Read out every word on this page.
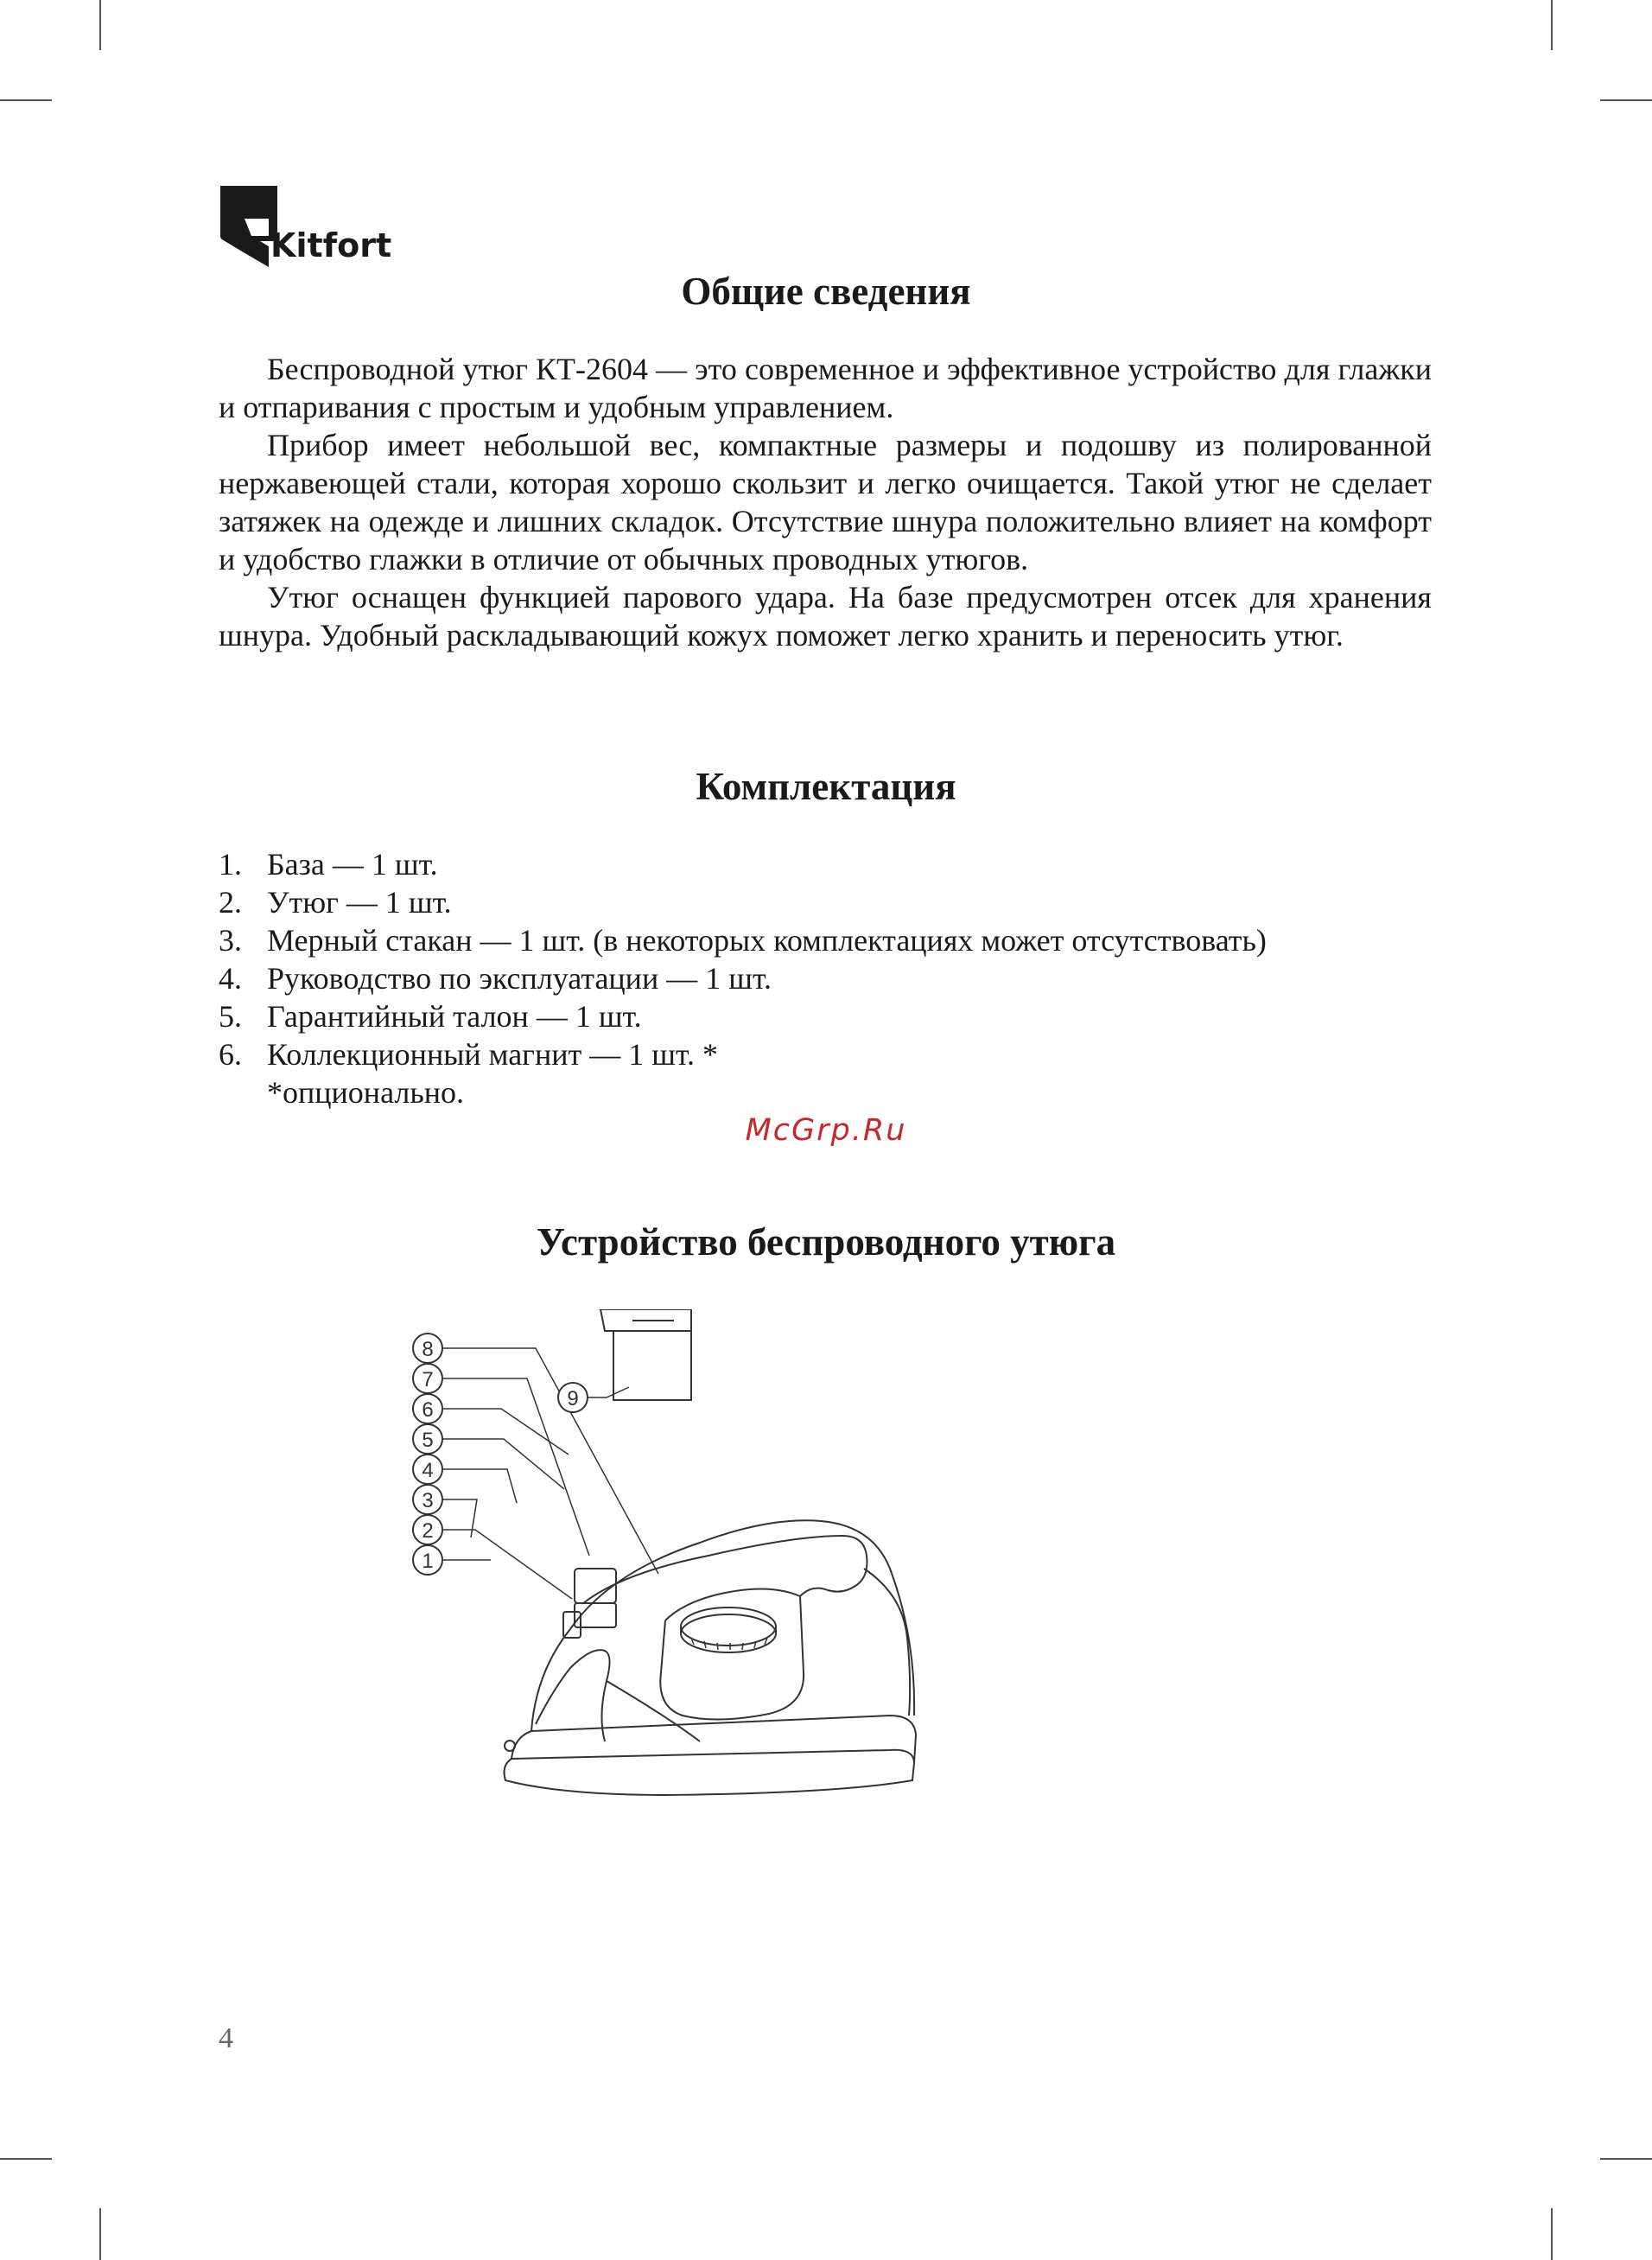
Kitfort
Общие сведения

Беспроводной утюг КТ-2604 — это современное и эффективное устройство для глажки и отпаривания с простым и удобным управлением.

Прибор имеет небольшой вес, компактные размеры и подошву из полированной нержавеющей стали, которая хорошо скользит и легко очищается. Такой утюг не сделает затяжек на одежде и лишних складок. Отсутствие шнура положительно влияет на комфорт и удобство глажки в отличие от обычных проводных утюгов.

Утюг оснащен функцией парового удара. На базе предусмотрен отсек для хранения шнура. Удобный раскладывающий кожух поможет легко хранить и переносить утюг.

Комплектация
1. База — 1 шт.
2. Утюг — 1 шт.
3. Мерный стакан — 1 шт. (в некоторых комплектациях может отсутствовать)
4. Руководство по эксплуатации — 1 шт.
5. Гарантийный талон — 1 шт.
6. Коллекционный магнит — 1 шт. *
*опционально.
McGrp.Ru
Устройство беспроводного утюга
8
7
6
5
4
3
2
1
9
4
